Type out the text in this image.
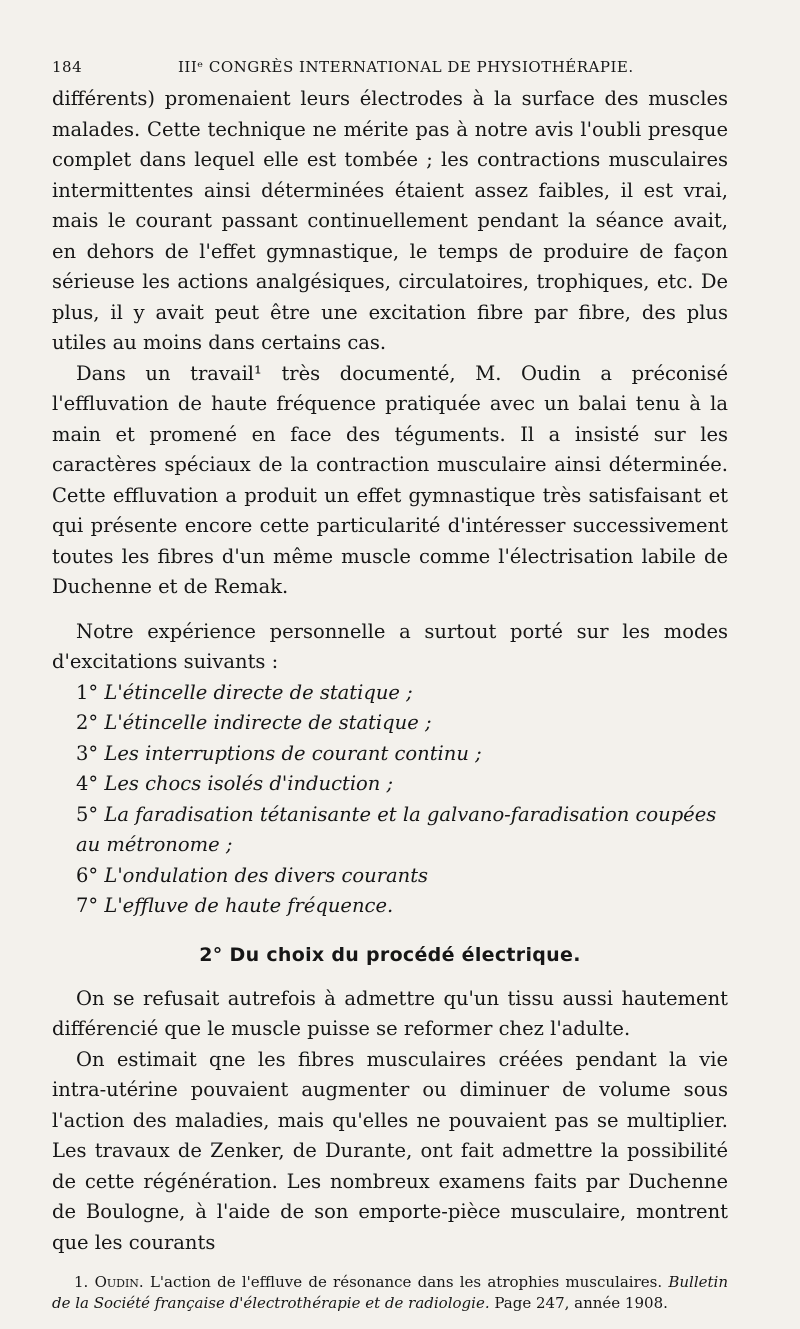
184	IIIᵉ CONGRÈS INTERNATIONAL DE PHYSIOTHÉRAPIE.

différents) promenaient leurs électrodes à la surface des muscles malades. Cette technique ne mérite pas à notre avis l'oubli presque complet dans lequel elle est tombée ; les contractions musculaires intermittentes ainsi déterminées étaient assez faibles, il est vrai, mais le courant passant continuellement pendant la séance avait, en dehors de l'effet gymnastique, le temps de produire de façon sérieuse les actions analgésiques, circulatoires, trophiques, etc. De plus, il y avait peut être une excitation fibre par fibre, des plus utiles au moins dans certains cas.

Dans un travail¹ très documenté, M. Oudin a préconisé l'effluvation de haute fréquence pratiquée avec un balai tenu à la main et promené en face des téguments. Il a insisté sur les caractères spéciaux de la contraction musculaire ainsi déterminée. Cette effluvation a produit un effet gymnastique très satisfaisant et qui présente encore cette particularité d'intéresser successivement toutes les fibres d'un même muscle comme l'électrisation labile de Duchenne et de Remak.

Notre expérience personnelle a surtout porté sur les modes d'excitations suivants :

1° L'étincelle directe de statique ;
2° L'étincelle indirecte de statique ;
3° Les interruptions de courant continu ;
4° Les chocs isolés d'induction ;
5° La faradisation tétanisante et la galvano-faradisation coupées au métronome ;
6° L'ondulation des divers courants
7° L'effluve de haute fréquence.
2° Du choix du procédé électrique.

On se refusait autrefois à admettre qu'un tissu aussi hautement différencié que le muscle puisse se reformer chez l'adulte.

On estimait qne les fibres musculaires créées pendant la vie intra-utérine pouvaient augmenter ou diminuer de volume sous l'action des maladies, mais qu'elles ne pouvaient pas se multiplier. Les travaux de Zenker, de Durante, ont fait admettre la possibilité de cette régénération. Les nombreux examens faits par Duchenne de Boulogne, à l'aide de son emporte-pièce musculaire, montrent que les courants

1. Oudin. L'action de l'effluve de résonance dans les atrophies musculaires. Bulletin de la Société française d'électrothérapie et de radiologie. Page 247, année 1908.
